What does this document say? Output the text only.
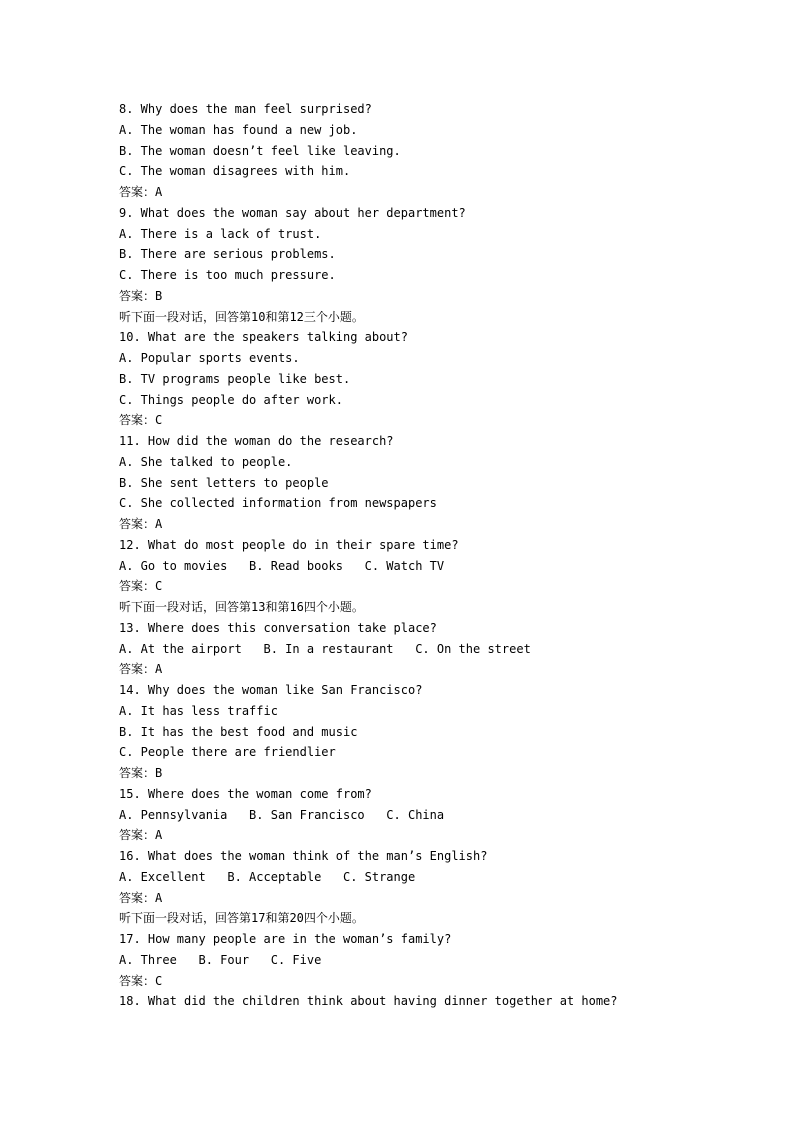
8. Why does the man feel surprised?
A. The woman has found a new job.
B. The woman doesn’t feel like leaving.
C. The woman disagrees with him.
答案：A
9. What does the woman say about her department?
A. There is a lack of trust.
B. There are serious problems.
C. There is too much pressure.
答案：B
听下面一段对话，回答第10和第12三个小题。
10. What are the speakers talking about?
A. Popular sports events.
B. TV programs people like best.
C. Things people do after work.
答案：C
11. How did the woman do the research?
A. She talked to people.
B. She sent letters to people
C. She collected information from newspapers
答案：A
12. What do most people do in their spare time?
A. Go to movies   B. Read books   C. Watch TV
答案：C
听下面一段对话，回答第13和第16四个小题。
13. Where does this conversation take place?
A. At the airport   B. In a restaurant   C. On the street
答案：A
14. Why does the woman like San Francisco?
A. It has less traffic
B. It has the best food and music
C. People there are friendlier
答案：B
15. Where does the woman come from?
A. Pennsylvania   B. San Francisco   C. China
答案：A
16. What does the woman think of the man’s English?
A. Excellent   B. Acceptable   C. Strange
答案：A
听下面一段对话，回答第17和第20四个小题。
17. How many people are in the woman’s family?
A. Three   B. Four   C. Five
答案：C
18. What did the children think about having dinner together at home?
